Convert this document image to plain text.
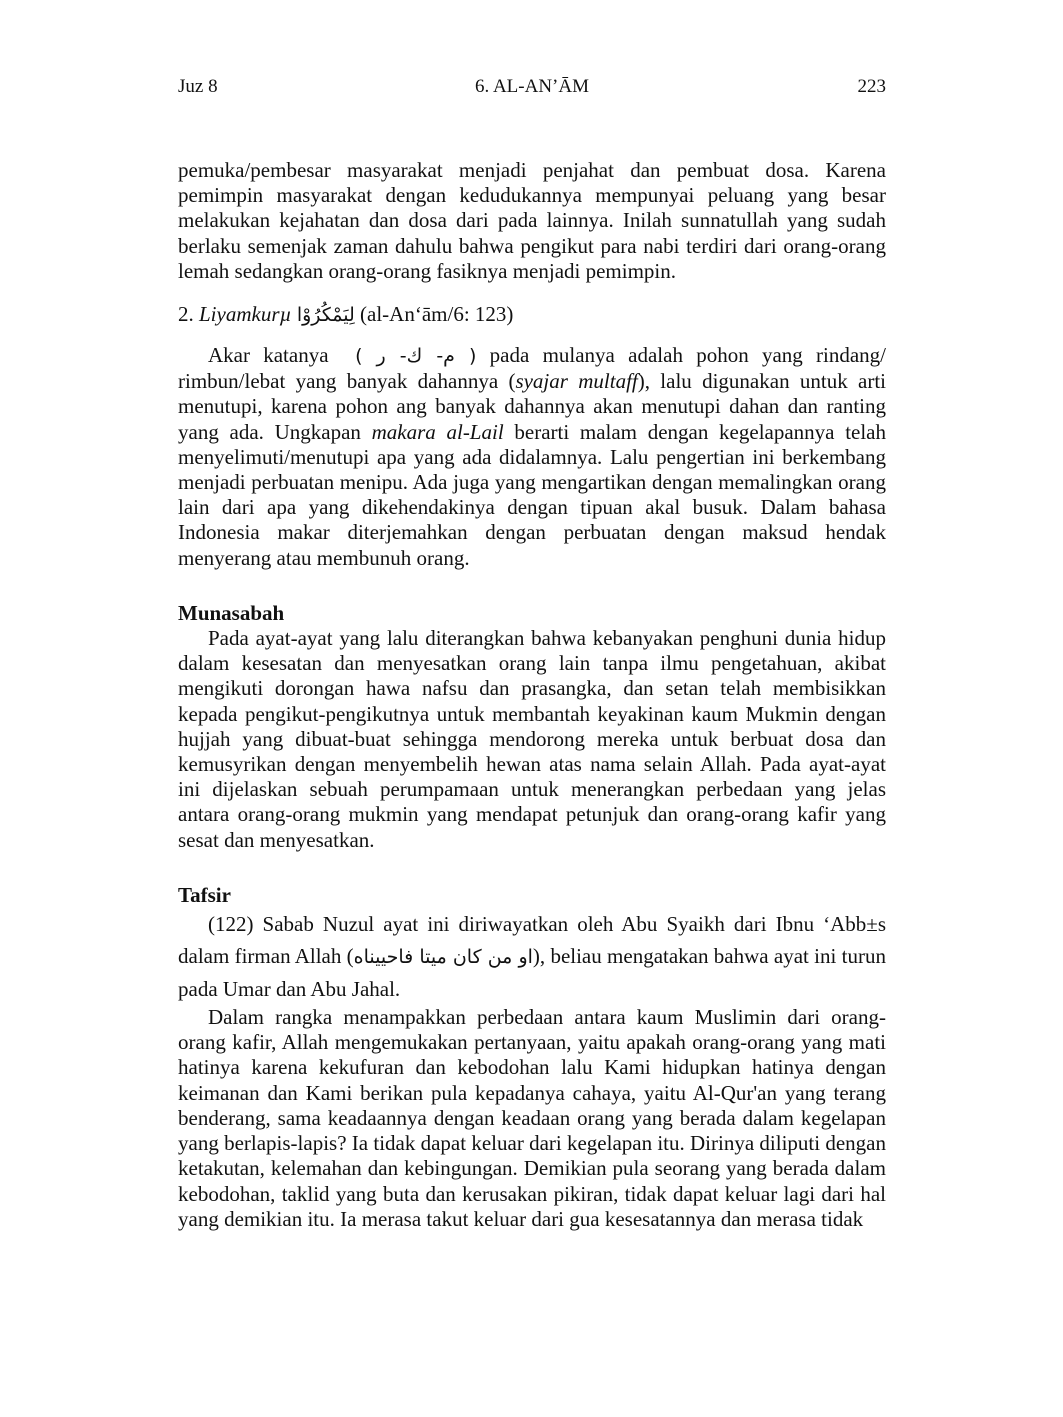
Juz 8	6. AL-AN’ĀM	223

pemuka/pembesar masyarakat menjadi penjahat dan pembuat dosa. Karena pemimpin masyarakat dengan kedudukannya mempunyai peluang yang besar melakukan kejahatan dan dosa dari pada lainnya. Inilah sunnatullah yang sudah berlaku semenjak zaman dahulu bahwa pengikut para nabi terdiri dari orang-orang lemah sedangkan orang-orang fasiknya menjadi pemimpin.

2. Liyamkurµ لِيَمْكُرُوْا (al-An‘ām/6: 123)

Akar katanya ( م- ك- ر ) pada mulanya adalah pohon yang rindang/ rimbun/lebat yang banyak dahannya (syajar multaff), lalu digunakan untuk arti menutupi, karena pohon ang banyak dahannya akan menutupi dahan dan ranting yang ada. Ungkapan makara al-Lail berarti malam dengan kegelapannya telah menyelimuti/menutupi apa yang ada didalamnya. Lalu pengertian ini berkembang menjadi perbuatan menipu. Ada juga yang mengartikan dengan memalingkan orang lain dari apa yang dikehendakinya dengan tipuan akal busuk. Dalam bahasa Indonesia makar diterjemahkan dengan perbuatan dengan maksud hendak menyerang atau membunuh orang.

Munasabah

Pada ayat-ayat yang lalu diterangkan bahwa kebanyakan penghuni dunia hidup dalam kesesatan dan menyesatkan orang lain tanpa ilmu pengetahuan, akibat mengikuti dorongan hawa nafsu dan prasangka, dan setan telah membisikkan kepada pengikut-pengikutnya untuk membantah keyakinan kaum Mukmin dengan hujjah yang dibuat-buat sehingga mendorong mereka untuk berbuat dosa dan kemusyrikan dengan menyembelih hewan atas nama selain Allah. Pada ayat-ayat ini dijelaskan sebuah perumpamaan untuk menerangkan perbedaan yang jelas antara orang-orang mukmin yang mendapat petunjuk dan orang-orang kafir yang sesat dan menyesatkan.

Tafsir

(122) Sabab Nuzul ayat ini diriwayatkan oleh Abu Syaikh dari Ibnu ‘Abb±s dalam firman Allah (او من كان ميتا فاحييناه), beliau mengatakan bahwa ayat ini turun pada Umar dan Abu Jahal.

Dalam rangka menampakkan perbedaan antara kaum Muslimin dari orang-orang kafir, Allah mengemukakan pertanyaan, yaitu apakah orang-orang yang mati hatinya karena kekufuran dan kebodohan lalu Kami hidupkan hatinya dengan keimanan dan Kami berikan pula kepadanya cahaya, yaitu Al-Qur'an yang terang benderang, sama keadaannya dengan keadaan orang yang berada dalam kegelapan yang berlapis-lapis? Ia tidak dapat keluar dari kegelapan itu. Dirinya diliputi dengan ketakutan, kelemahan dan kebingungan. Demikian pula seorang yang berada dalam kebodohan, taklid yang buta dan kerusakan pikiran, tidak dapat keluar lagi dari hal yang demikian itu. Ia merasa takut keluar dari gua kesesatannya dan merasa tidak
